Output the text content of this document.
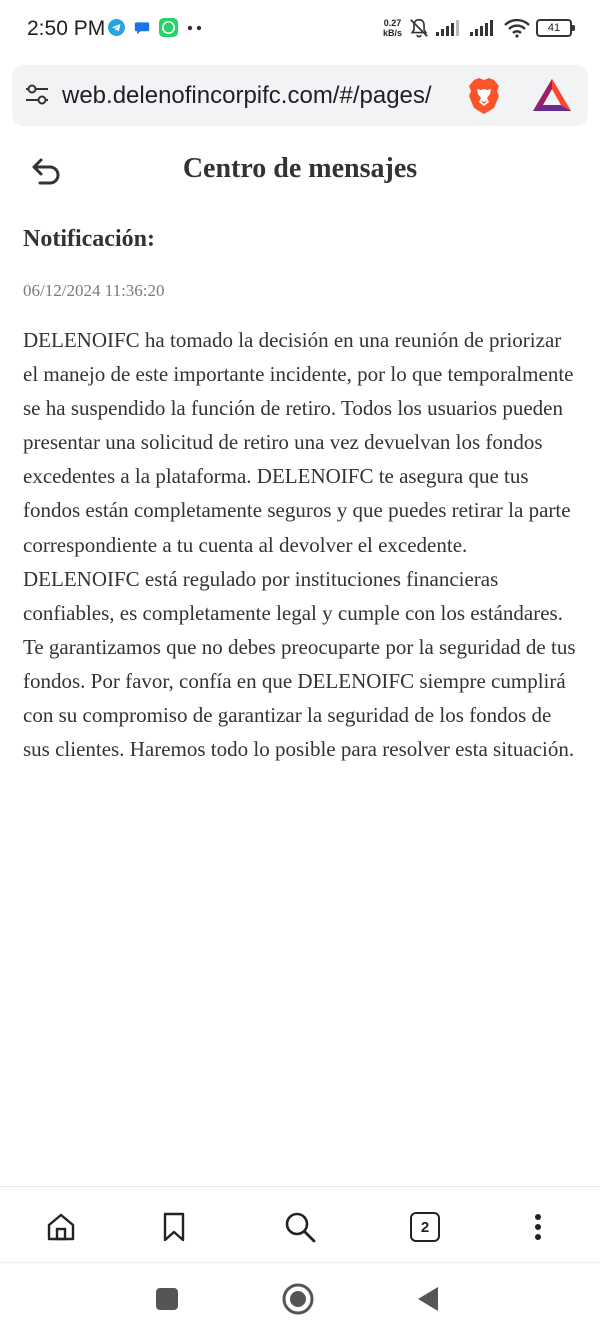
2:50 PM	0.27
kB/s	41
web.delenofincorpifc.com/#/pages/
Centro de mensajes
Notificación:
06/12/2024 11:36:20

DELENOIFC ha tomado la decisión en una reunión de priorizar el manejo de este importante incidente, por lo que temporalmente se ha suspendido la función de retiro. Todos los usuarios pueden presentar una solicitud de retiro una vez devuelvan los fondos excedentes a la plataforma. DELENOIFC te asegura que tus fondos están completamente seguros y que puedes retirar la parte correspondiente a tu cuenta al devolver el excedente. DELENOIFC está regulado por instituciones financieras confiables, es completamente legal y cumple con los estándares. Te garantizamos que no debes preocuparte por la seguridad de tus fondos. Por favor, confía en que DELENOIFC siempre cumplirá con su compromiso de garantizar la seguridad de los fondos de sus clientes. Haremos todo lo posible para resolver esta situación.

2
